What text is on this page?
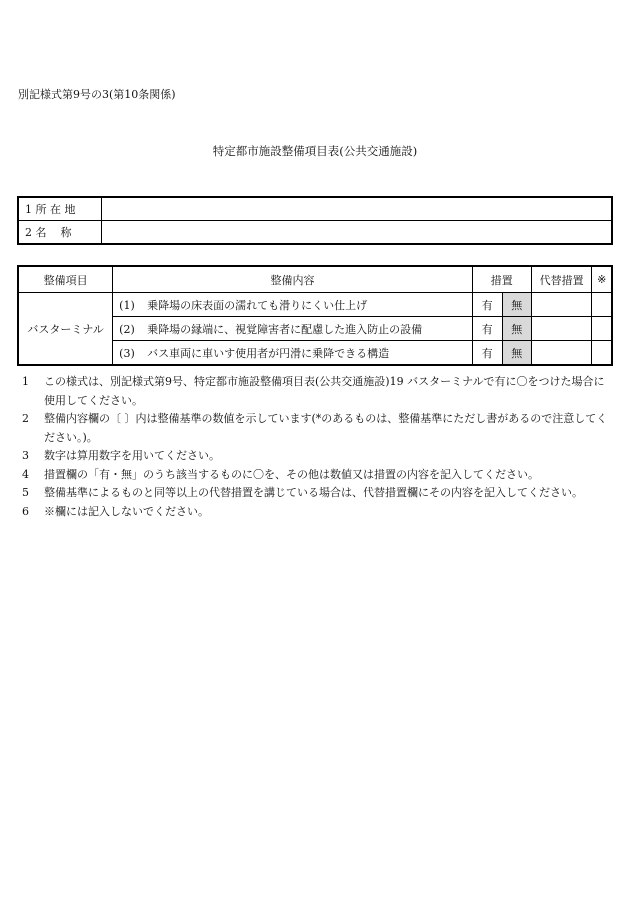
別記様式第9号の3(第10条関係)
特定都市施設整備項目表(公共交通施設)
1 所 在 地	
2 名    称	
整備項目	整備内容	措置		代替措置	※
バスターミナル	(1) 乗降場の床表面の濡れても滑りにくい仕上げ	有	無		
	(2) 乗降場の縁端に、視覚障害者に配慮した進入防止の設備	有	無		
	(3) バス車両に車いす使用者が円滑に乗降できる構造	有	無		
1 この様式は、別記様式第9号、特定都市施設整備項目表(公共交通施設)19 バスターミナルで有に〇をつけた場合に使用してください。
2 整備内容欄の〔 〕内は整備基準の数値を示しています(*のあるものは、整備基準にただし書があるので注意してください。)。
3 数字は算用数字を用いてください。
4 措置欄の「有・無」のうち該当するものに〇を、その他は数値又は措置の内容を記入してください。
5 整備基準によるものと同等以上の代替措置を講じている場合は、代替措置欄にその内容を記入してください。
6 ※欄には記入しないでください。
